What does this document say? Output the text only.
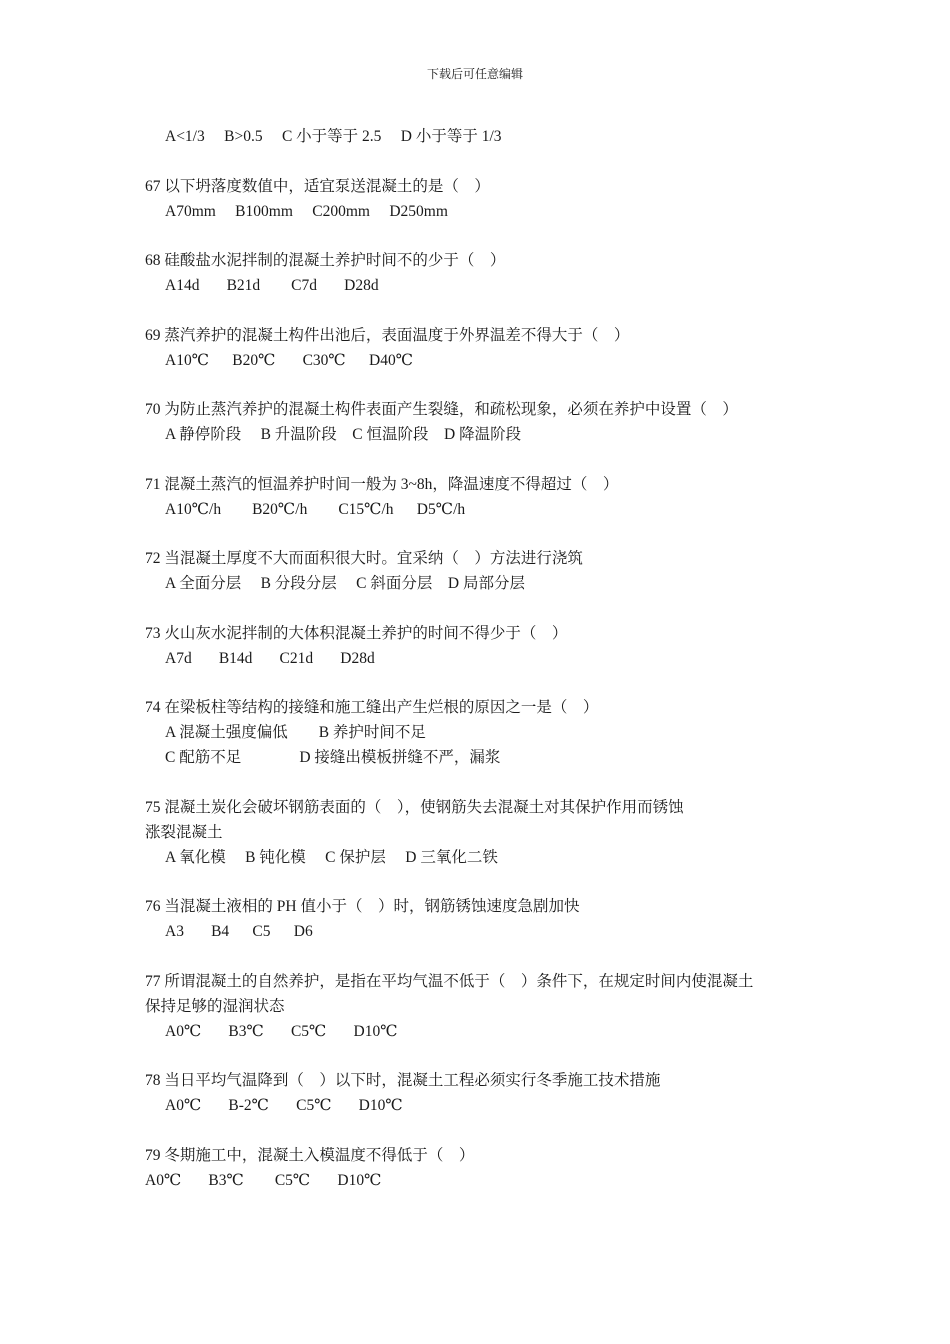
下载后可任意编辑
A<1/3     B>0.5     C 小于等于 2.5     D 小于等于 1/3
67 以下坍落度数值中，适宜泵送混凝土的是（    ）
A70mm     B100mm     C200mm     D250mm
68 硅酸盐水泥拌制的混凝土养护时间不的少于（    ）
A14d       B21d        C7d       D28d
69 蒸汽养护的混凝土构件出池后，表面温度于外界温差不得大于（    ）
A10℃      B20℃       C30℃      D40℃
70 为防止蒸汽养护的混凝土构件表面产生裂缝，和疏松现象，必须在养护中设置（    ）
A 静停阶段     B 升温阶段    C 恒温阶段    D 降温阶段
71 混凝土蒸汽的恒温养护时间一般为 3~8h，降温速度不得超过（    ）
A10℃/h        B20℃/h        C15℃/h      D5℃/h
72 当混凝土厚度不大而面积很大时。宜采纳（    ）方法进行浇筑
A 全面分层     B 分段分层     C 斜面分层    D 局部分层
73 火山灰水泥拌制的大体积混凝土养护的时间不得少于（    ）
A7d       B14d       C21d       D28d
74 在梁板柱等结构的接缝和施工缝出产生烂根的原因之一是（    ）
A 混凝土强度偏低        B 养护时间不足
C 配筋不足               D 接缝出模板拼缝不严，漏浆
75 混凝土炭化会破坏钢筋表面的（    ），使钢筋失去混凝土对其保护作用而锈蚀
涨裂混凝土
A 氧化模     B 钝化模     C 保护层     D 三氧化二铁
76 当混凝土液相的 PH 值小于（    ）时，钢筋锈蚀速度急剧加快
A3       B4      C5      D6
77 所谓混凝土的自然养护，是指在平均气温不低于（    ）条件下，在规定时间内使混凝土
保持足够的湿润状态
A0℃       B3℃       C5℃       D10℃
78 当日平均气温降到（    ）以下时，混凝土工程必须实行冬季施工技术措施
A0℃       B-2℃       C5℃       D10℃
79 冬期施工中，混凝土入模温度不得低于（    ）
A0℃       B3℃        C5℃       D10℃
